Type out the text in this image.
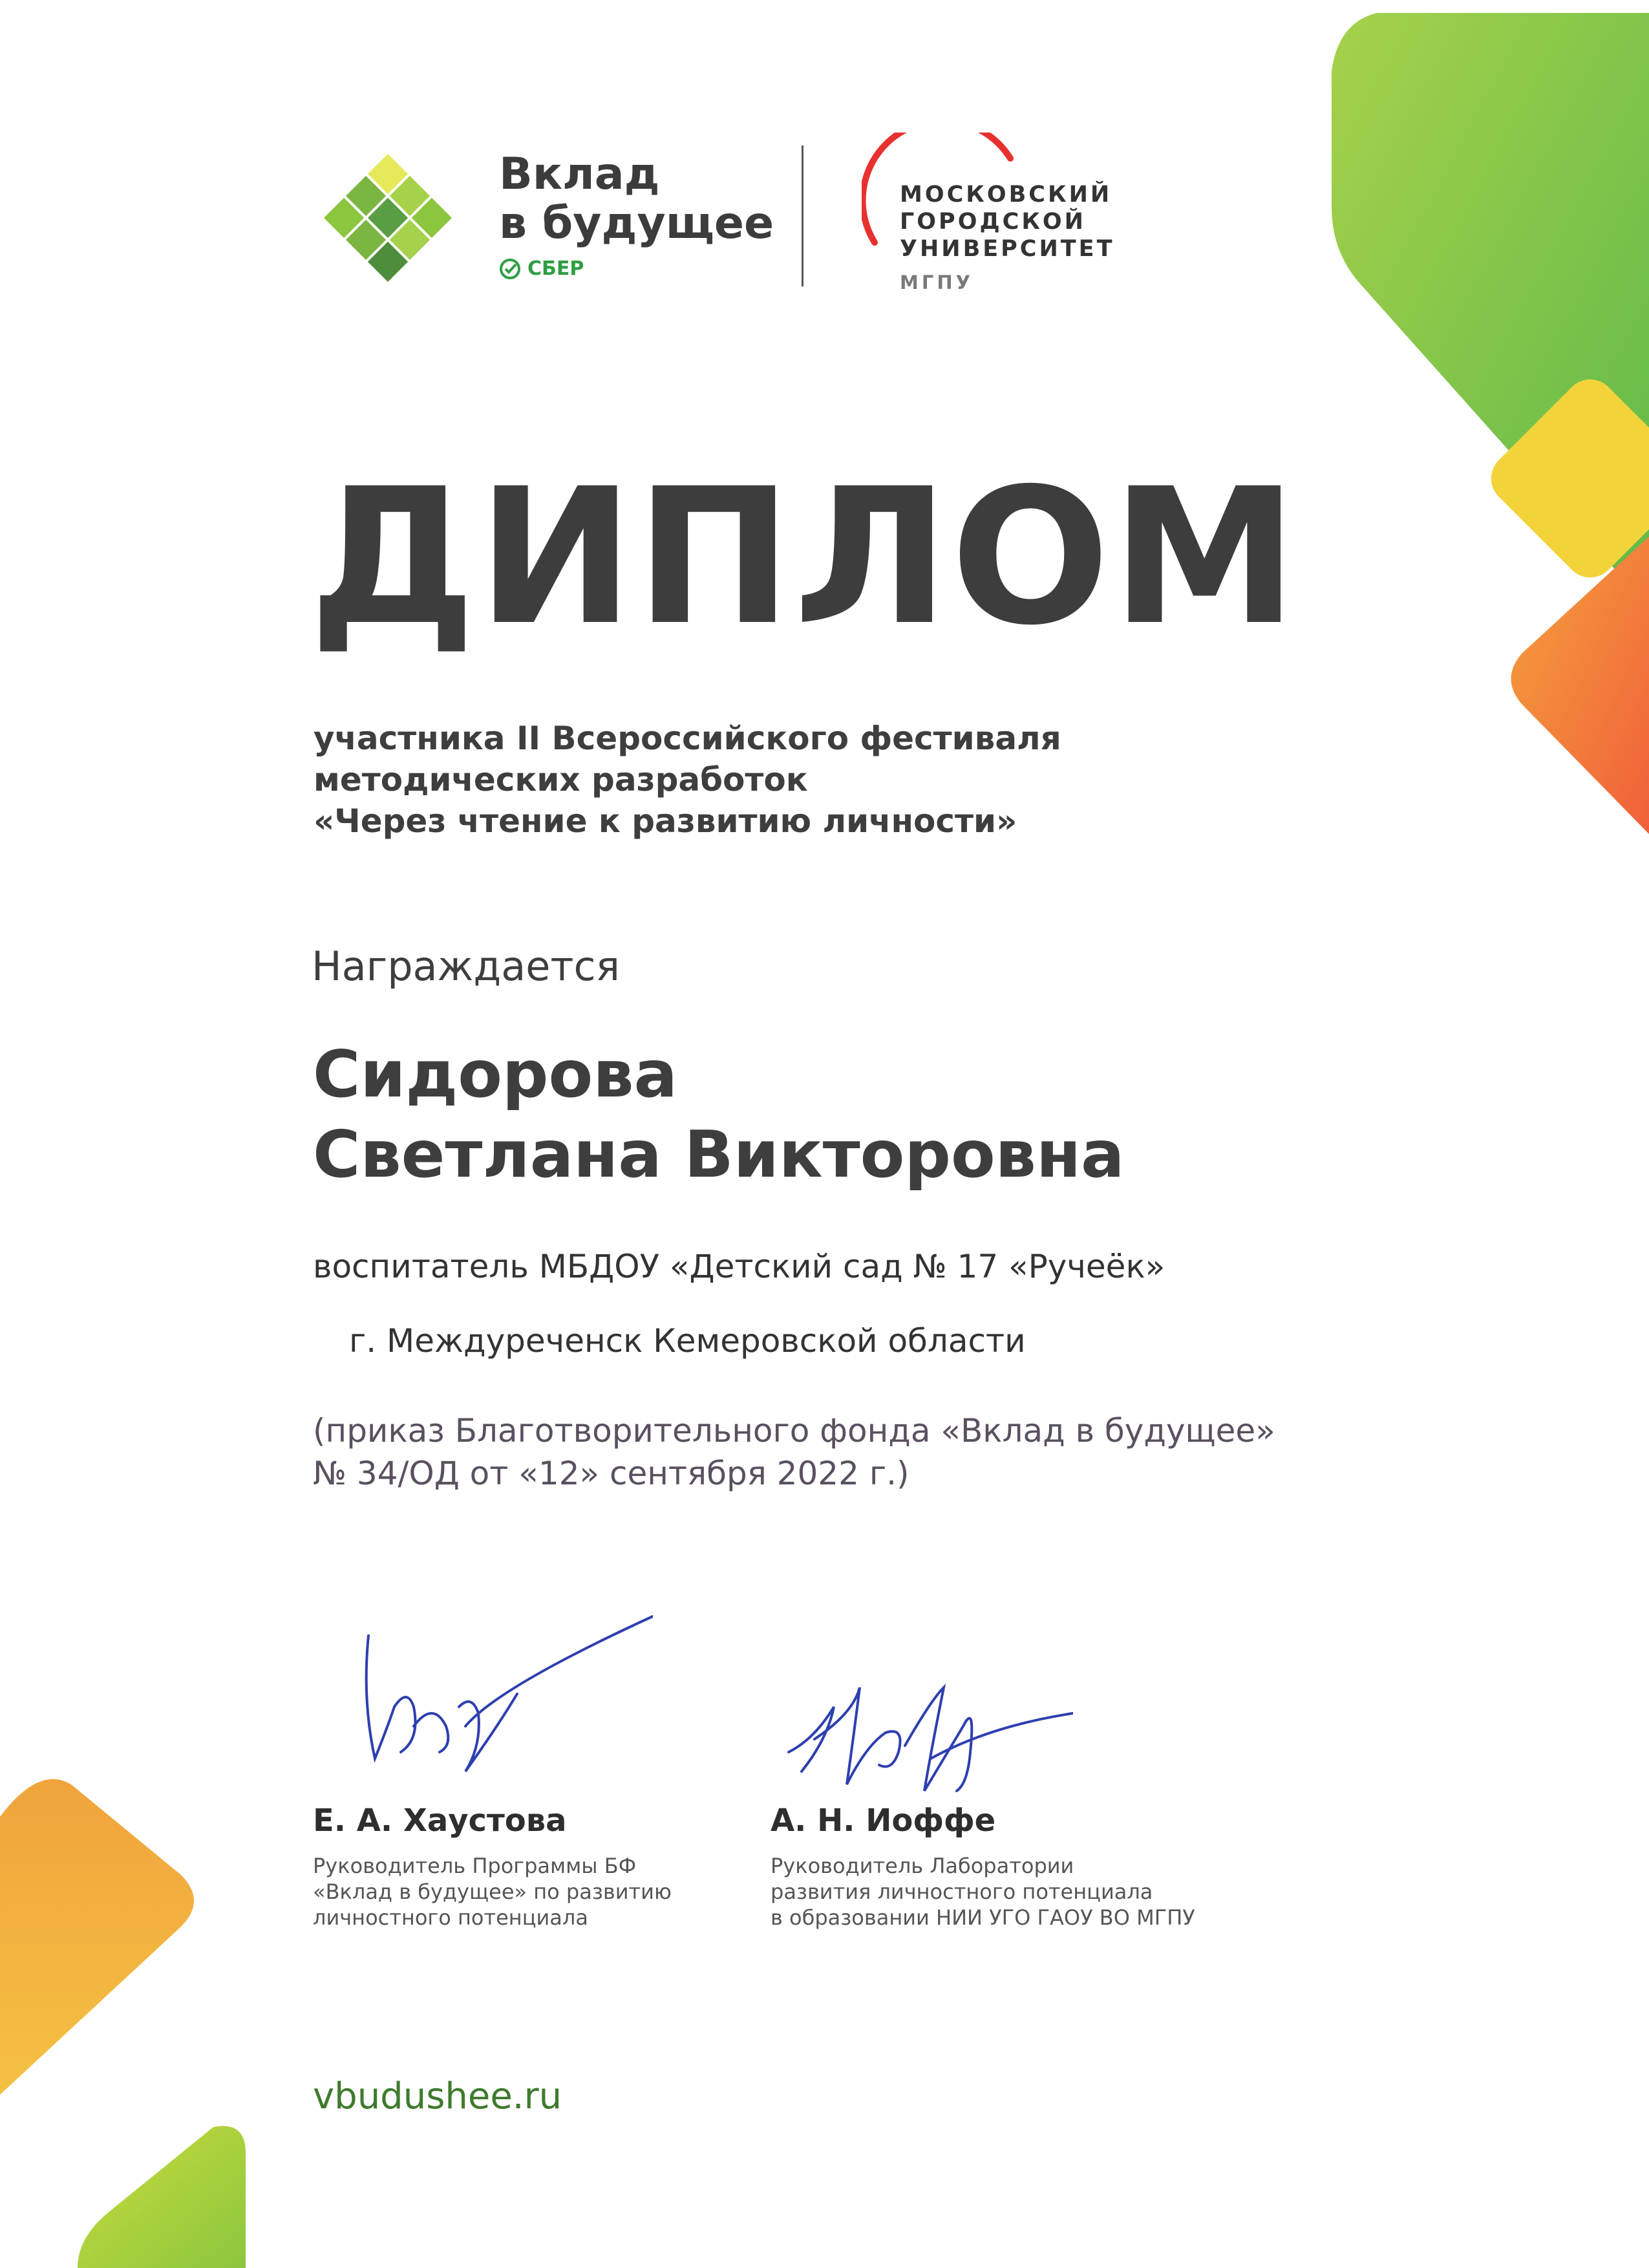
Вклад
в будущее
СБЕР
МОСКОВСКИЙ
ГОРОДСКОЙ
УНИВЕРСИТЕТ
МГПУ
ДИПЛОМ
участника II Всероссийского фестиваля
методических разработок
«Через чтение к развитию личности»
Награждается
Сидорова
Светлана Викторовна
воспитатель МБДОУ «Детский сад № 17 «Ручеёк»
г. Междуреченск Кемеровской области
(приказ Благотворительного фонда «Вклад в будущее»
№ 34/ОД от «12» сентября 2022 г.)
Е. А. Хаустова
Руководитель Программы БФ
«Вклад в будущее» по развитию
личностного потенциала
А. Н. Иоффе
Руководитель Лаборатории
развития личностного потенциала
в образовании НИИ УГО ГАОУ ВО МГПУ
vbudushee.ru
